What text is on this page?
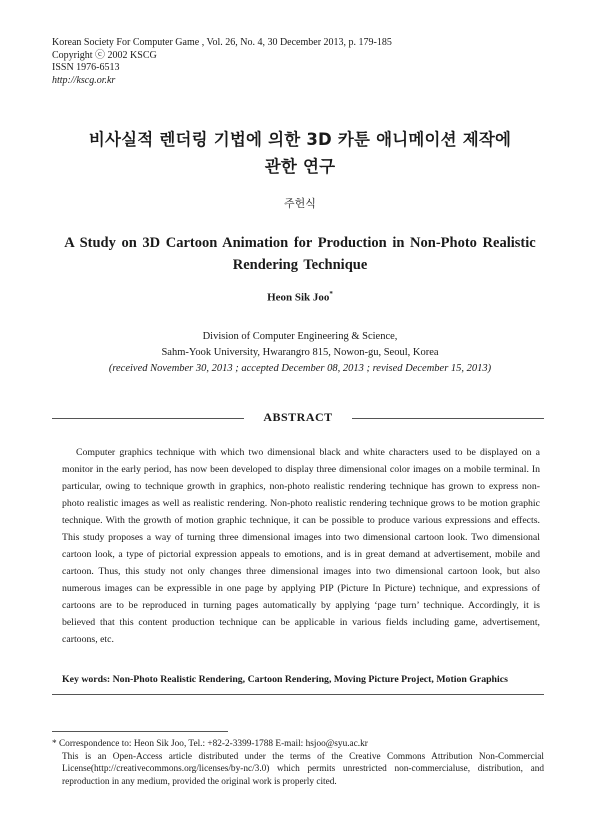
Korean Society For Computer Game , Vol. 26, No. 4, 30 December 2013, p. 179-185
Copyright ⓒ 2002 KSCG
ISSN 1976-6513
http://kscg.or.kr
비사실적 렌더링 기법에 의한 3D 카툰 애니메이션 제작에
관한 연구
주헌식
A Study on 3D Cartoon Animation for Production in Non-Photo Realistic
Rendering Technique
Heon Sik Joo*
Division of Computer Engineering & Science,
Sahm-Yook University, Hwarangro 815, Nowon-gu, Seoul, Korea
(received November 30, 2013 ; accepted December 08, 2013 ; revised December 15, 2013)
ABSTRACT

Computer graphics technique with which two dimensional black and white characters used to be displayed on a monitor in the early period, has now been developed to display three dimensional color images on a mobile terminal. In particular, owing to technique growth in graphics, non-photo realistic rendering technique has grown to express non-photo realistic images as well as realistic rendering. Non-photo realistic rendering technique grows to be motion graphic technique. With the growth of motion graphic technique, it can be possible to produce various expressions and effects. This study proposes a way of turning three dimensional images into two dimensional cartoon look. Two dimensional cartoon look, a type of pictorial expression appeals to emotions, and is in great demand at advertisement, mobile and cartoon. Thus, this study not only changes three dimensional images into two dimensional cartoon look, but also numerous images can be expressible in one page by applying PIP (Picture In Picture) technique, and expressions of cartoons are to be reproduced in turning pages automatically by applying ‘page turn’ technique. Accordingly, it is believed that this content production technique can be applicable in various fields including game, advertisement, cartoons, etc.

Key words: Non-Photo Realistic Rendering, Cartoon Rendering, Moving Picture Project, Motion Graphics
* Correspondence to: Heon Sik Joo, Tel.: +82-2-3399-1788 E-mail: hsjoo@syu.ac.kr
This is an Open-Access article distributed under the terms of the Creative Commons Attribution Non-Commercial License(http://creativecommons.org/licenses/by-nc/3.0) which permits unrestricted non-commercialuse, distribution, and reproduction in any medium, provided the original work is properly cited.
